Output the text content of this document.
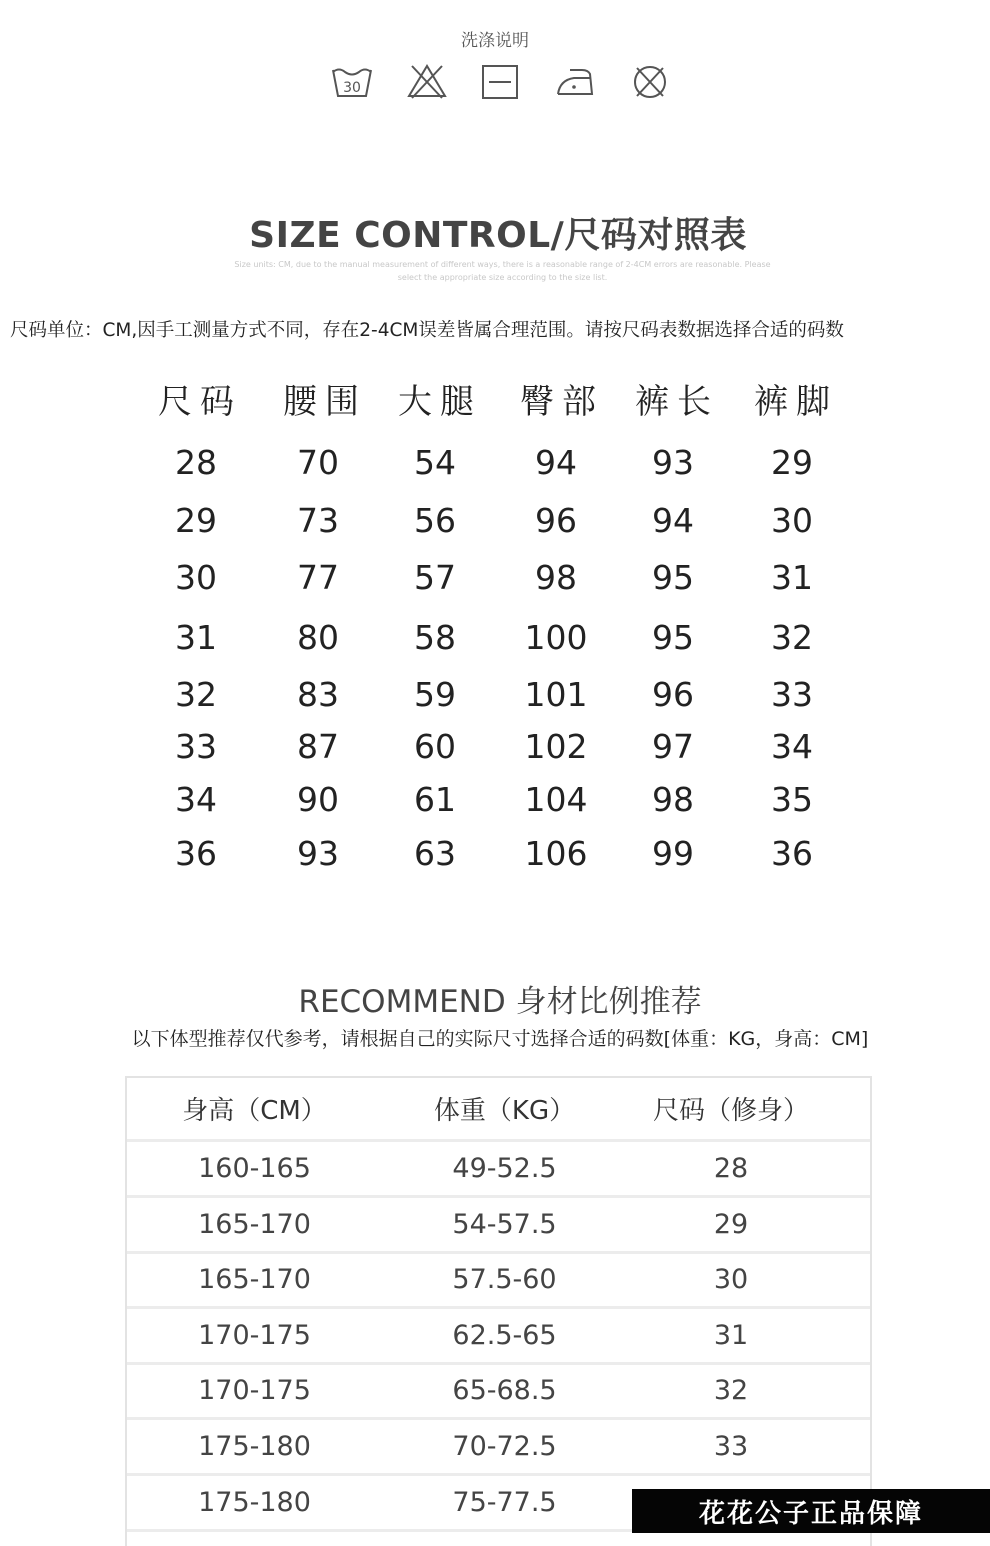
洗涤说明
30
SIZE CONTROL/尺码对照表
Size units: CM, due to the manual measurement of different ways, there is a reasonable range of 2-4CM errors are reasonable. Please select the appropriate size according to the size list.
尺码单位：CM,因手工测量方式不同，存在2-4CM误差皆属合理范围。请按尺码表数据选择合适的码数
尺码 腰围 大腿 臀部 裤长 裤脚
28 70 54 94 93 29
29 73 56 96 94 30
30 77 57 98 95 31
31 80 58 100 95 32
32 83 59 101 96 33
33 87 60 102 97 34
34 90 61 104 98 35
36 93 63 106 99 36
RECOMMEND 身材比例推荐
以下体型推荐仅代参考，请根据自己的实际尺寸选择合适的码数[体重：KG，身高：CM]
身高（CM）	体重（KG）	尺码（修身）
160-165	49-52.5	28
165-170	54-57.5	29
165-170	57.5-60	30
170-175	62.5-65	31
170-175	65-68.5	32
175-180	70-72.5	33
175-180	75-77.5	花花公子正品保障
